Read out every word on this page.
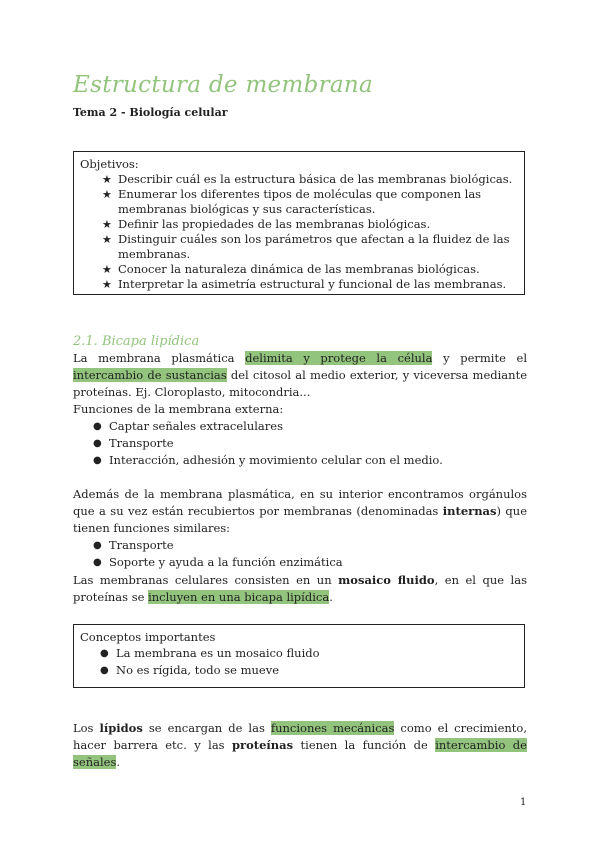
Estructura de membrana

Tema 2 - Biología celular

Objetivos:
★ Describir cuál es la estructura básica de las membranas biológicas.
★ Enumerar los diferentes tipos de moléculas que componen las membranas biológicas y sus características.
★ Definir las propiedades de las membranas biológicas.
★ Distinguir cuáles son los parámetros que afectan a la fluidez de las membranas.
★ Conocer la naturaleza dinámica de las membranas biológicas.
★ Interpretar la asimetría estructural y funcional de las membranas.
2.1. Bicapa lipídica

La membrana plasmática delimita y protege la célula y permite el intercambio de sustancias del citosol al medio exterior, y viceversa mediante proteínas. Ej. Cloroplasto, mitocondria...

Funciones de la membrana externa:
● Captar señales extracelulares
● Transporte
● Interacción, adhesión y movimiento celular con el medio.

Además de la membrana plasmática, en su interior encontramos orgánulos que a su vez están recubiertos por membranas (denominadas internas) que tienen funciones similares:

● Transporte
● Soporte y ayuda a la función enzimática

Las membranas celulares consisten en un mosaico fluido, en el que las proteínas se incluyen en una bicapa lipídica.

Conceptos importantes
● La membrana es un mosaico fluido
● No es rígida, todo se mueve

Los lípidos se encargan de las funciones mecánicas como el crecimiento, hacer barrera etc. y las proteínas tienen la función de intercambio de señales.

1
